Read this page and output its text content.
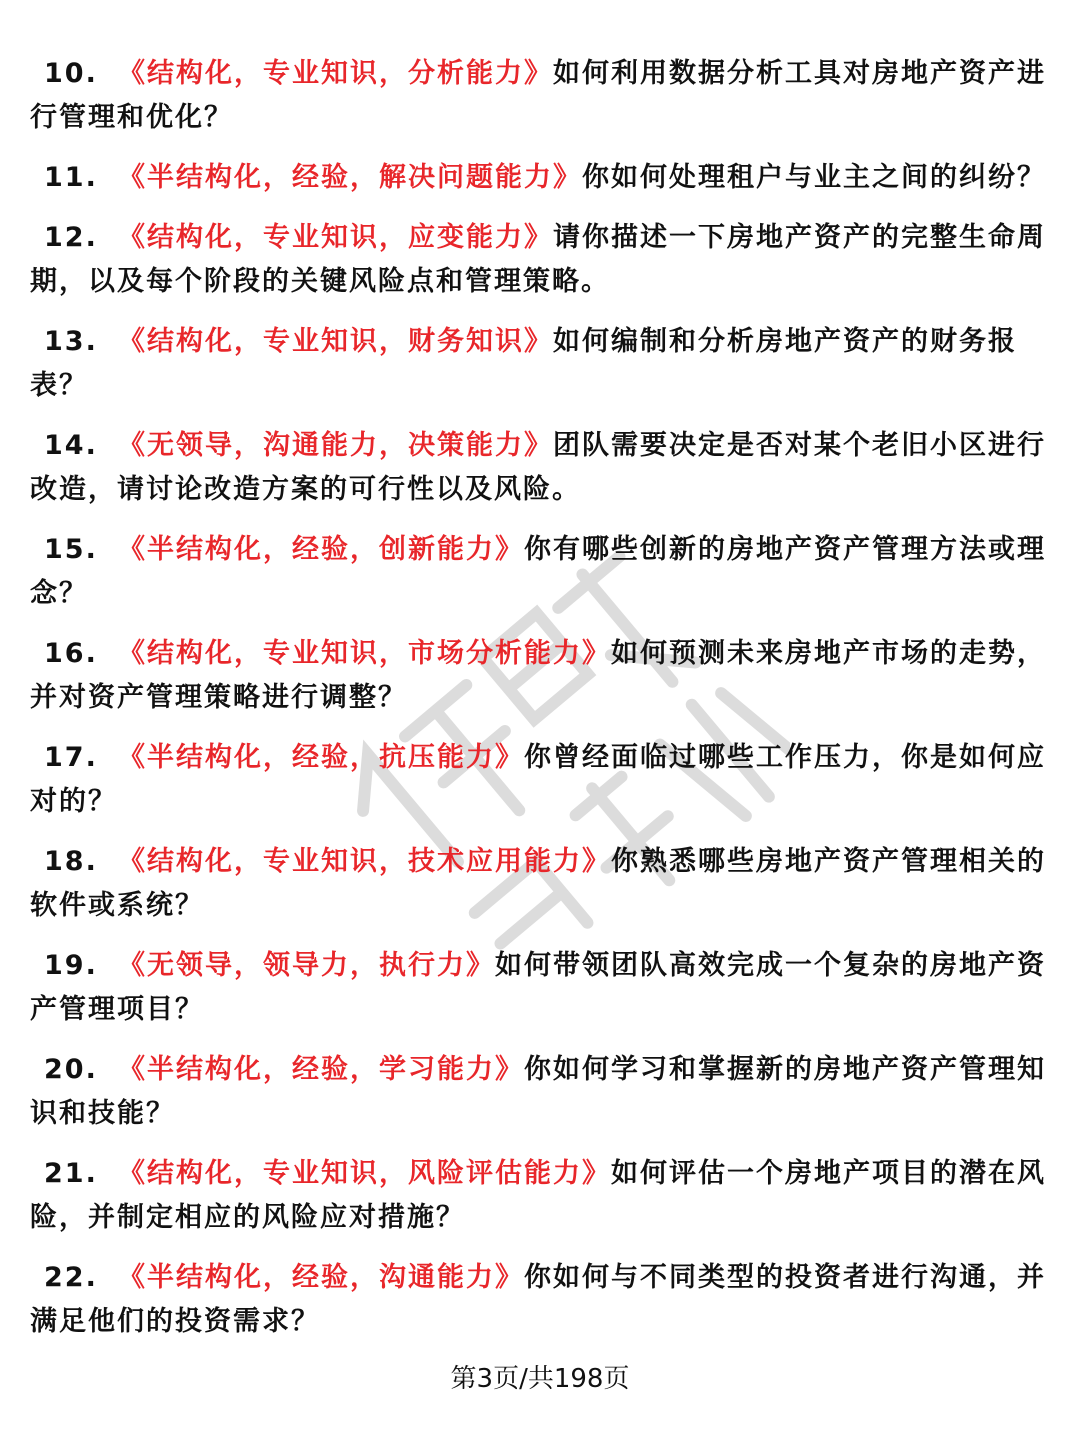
10. 《结构化，专业知识，分析能力》如何利用数据分析工具对房地产资产进行管理和优化？

11. 《半结构化，经验，解决问题能力》你如何处理租户与业主之间的纠纷？

12. 《结构化，专业知识，应变能力》请你描述一下房地产资产的完整生命周期，以及每个阶段的关键风险点和管理策略。

13. 《结构化，专业知识，财务知识》如何编制和分析房地产资产的财务报表？

14. 《无领导，沟通能力，决策能力》团队需要决定是否对某个老旧小区进行改造，请讨论改造方案的可行性以及风险。

15. 《半结构化，经验，创新能力》你有哪些创新的房地产资产管理方法或理念？

16. 《结构化，专业知识，市场分析能力》如何预测未来房地产市场的走势，并对资产管理策略进行调整？

17. 《半结构化，经验，抗压能力》你曾经面临过哪些工作压力，你是如何应对的？

18. 《结构化，专业知识，技术应用能力》你熟悉哪些房地产资产管理相关的软件或系统？

19. 《无领导，领导力，执行力》如何带领团队高效完成一个复杂的房地产资产管理项目？

20. 《半结构化，经验，学习能力》你如何学习和掌握新的房地产资产管理知识和技能？

21. 《结构化，专业知识，风险评估能力》如何评估一个房地产项目的潜在风险，并制定相应的风险应对措施？

22. 《半结构化，经验，沟通能力》你如何与不同类型的投资者进行沟通，并满足他们的投资需求？

第3页/共198页
